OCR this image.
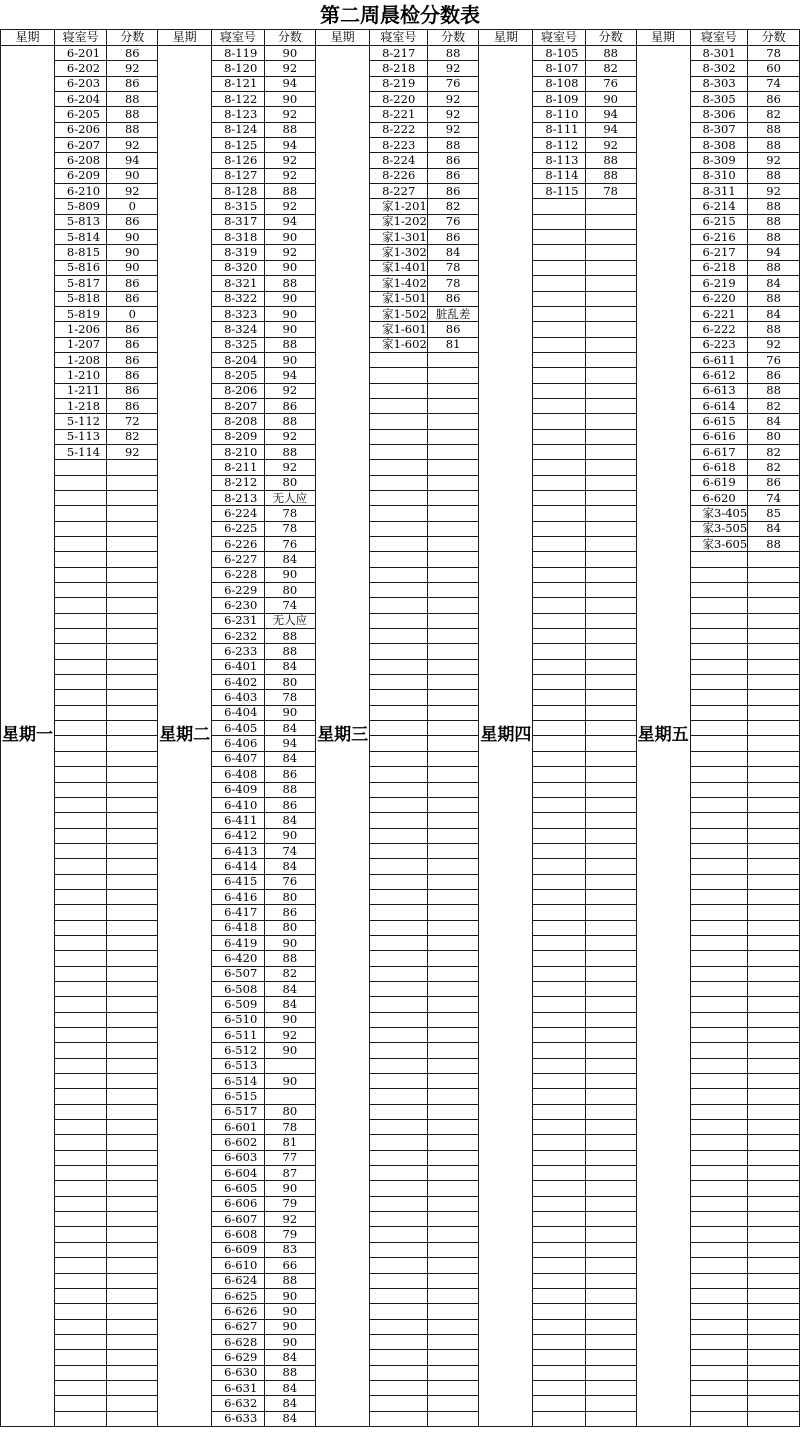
第二周晨检分数表
星期	寝室号	分数	星期	寝室号	分数	星期	寝室号	分数	星期	寝室号	分数	星期	寝室号	分数
星期一	6-201	86	星期二	8-119	90	星期三	8-217	88	星期四	8-105	88	星期五	8-301	78
	6-202	92		8-120	92		8-218	92		8-107	82		8-302	60
	6-203	86		8-121	94		8-219	76		8-108	76		8-303	74
	6-204	88		8-122	90		8-220	92		8-109	90		8-305	86
	6-205	88		8-123	92		8-221	92		8-110	94		8-306	82
	6-206	88		8-124	88		8-222	92		8-111	94		8-307	88
	6-207	92		8-125	94		8-223	88		8-112	92		8-308	88
	6-208	94		8-126	92		8-224	86		8-113	88		8-309	92
	6-209	90		8-127	92		8-226	86		8-114	88		8-310	88
	6-210	92		8-128	88		8-227	86		8-115	78		8-311	92
	5-809	0		8-315	92		家1-201	82					6-214	88
	5-813	86		8-317	94		家1-202	76					6-215	88
	5-814	90		8-318	90		家1-301	86					6-216	88
	8-815	90		8-319	92		家1-302	84					6-217	94
	5-816	90		8-320	90		家1-401	78					6-218	88
	5-817	86		8-321	88		家1-402	78					6-219	84
	5-818	86		8-322	90		家1-501	86					6-220	88
	5-819	0		8-323	90		家1-502	脏乱差					6-221	84
	1-206	86		8-324	90		家1-601	86					6-222	88
	1-207	86		8-325	88		家1-602	81					6-223	92
	1-208	86		8-204	90								6-611	76
	1-210	86		8-205	94								6-612	86
	1-211	86		8-206	92								6-613	88
	1-218	86		8-207	86								6-614	82
	5-112	72		8-208	88								6-615	84
	5-113	82		8-209	92								6-616	80
	5-114	92		8-210	88								6-617	82
				8-211	92								6-618	82
				8-212	80								6-619	86
				8-213	无人应								6-620	74
				6-224	78								家3-405	85
				6-225	78								家3-505	84
				6-226	76								家3-605	88
				6-227	84									
				6-228	90									
				6-229	80									
				6-230	74									
				6-231	无人应									
				6-232	88									
				6-233	88									
				6-401	84									
				6-402	80									
				6-403	78									
				6-404	90									
				6-405	84									
				6-406	94									
				6-407	84									
				6-408	86									
				6-409	88									
				6-410	86									
				6-411	84									
				6-412	90									
				6-413	74									
				6-414	84									
				6-415	76									
				6-416	80									
				6-417	86									
				6-418	80									
				6-419	90									
				6-420	88									
				6-507	82									
				6-508	84									
				6-509	84									
				6-510	90									
				6-511	92									
				6-512	90									
				6-513										
				6-514	90									
				6-515										
				6-517	80									
				6-601	78									
				6-602	81									
				6-603	77									
				6-604	87									
				6-605	90									
				6-606	79									
				6-607	92									
				6-608	79									
				6-609	83									
				6-610	66									
				6-624	88									
				6-625	90									
				6-626	90									
				6-627	90									
				6-628	90									
				6-629	84									
				6-630	88									
				6-631	84									
				6-632	84									
				6-633	84									
